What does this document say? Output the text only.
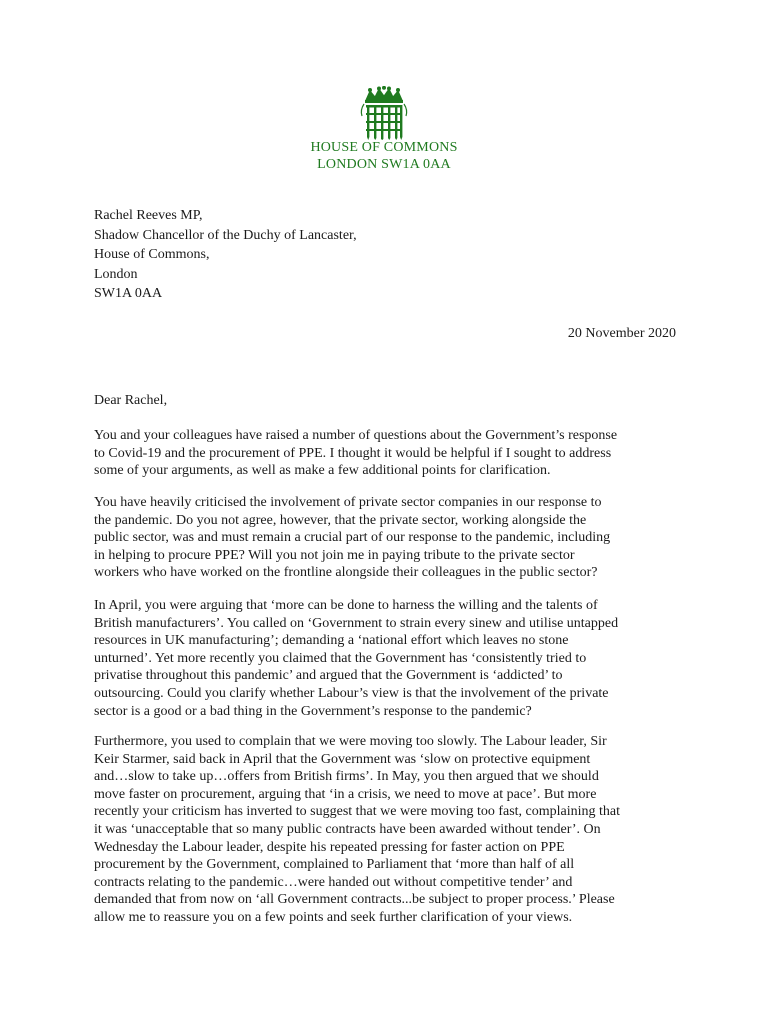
HOUSE OF COMMONS
LONDON SW1A 0AA
Rachel Reeves MP,
Shadow Chancellor of the Duchy of Lancaster,
House of Commons,
London
SW1A 0AA
20 November 2020
Dear Rachel,
You and your colleagues have raised a number of questions about the Government’s response
to Covid-19 and the procurement of PPE. I thought it would be helpful if I sought to address
some of your arguments, as well as make a few additional points for clarification.
You have heavily criticised the involvement of private sector companies in our response to
the pandemic. Do you not agree, however, that the private sector, working alongside the
public sector, was and must remain a crucial part of our response to the pandemic, including
in helping to procure PPE? Will you not join me in paying tribute to the private sector
workers who have worked on the frontline alongside their colleagues in the public sector?
In April, you were arguing that ‘more can be done to harness the willing and the talents of
British manufacturers’. You called on ‘Government to strain every sinew and utilise untapped
resources in UK manufacturing’; demanding a ‘national effort which leaves no stone
unturned’. Yet more recently you claimed that the Government has ‘consistently tried to
privatise throughout this pandemic’ and argued that the Government is ‘addicted’ to
outsourcing. Could you clarify whether Labour’s view is that the involvement of the private
sector is a good or a bad thing in the Government’s response to the pandemic?
Furthermore, you used to complain that we were moving too slowly. The Labour leader, Sir
Keir Starmer, said back in April that the Government was ‘slow on protective equipment
and…slow to take up…offers from British firms’. In May, you then argued that we should
move faster on procurement, arguing that ‘in a crisis, we need to move at pace’. But more
recently your criticism has inverted to suggest that we were moving too fast, complaining that
it was ‘unacceptable that so many public contracts have been awarded without tender’. On
Wednesday the Labour leader, despite his repeated pressing for faster action on PPE
procurement by the Government, complained to Parliament that ‘more than half of all
contracts relating to the pandemic…were handed out without competitive tender’ and
demanded that from now on ‘all Government contracts...be subject to proper process.’ Please
allow me to reassure you on a few points and seek further clarification of your views.
